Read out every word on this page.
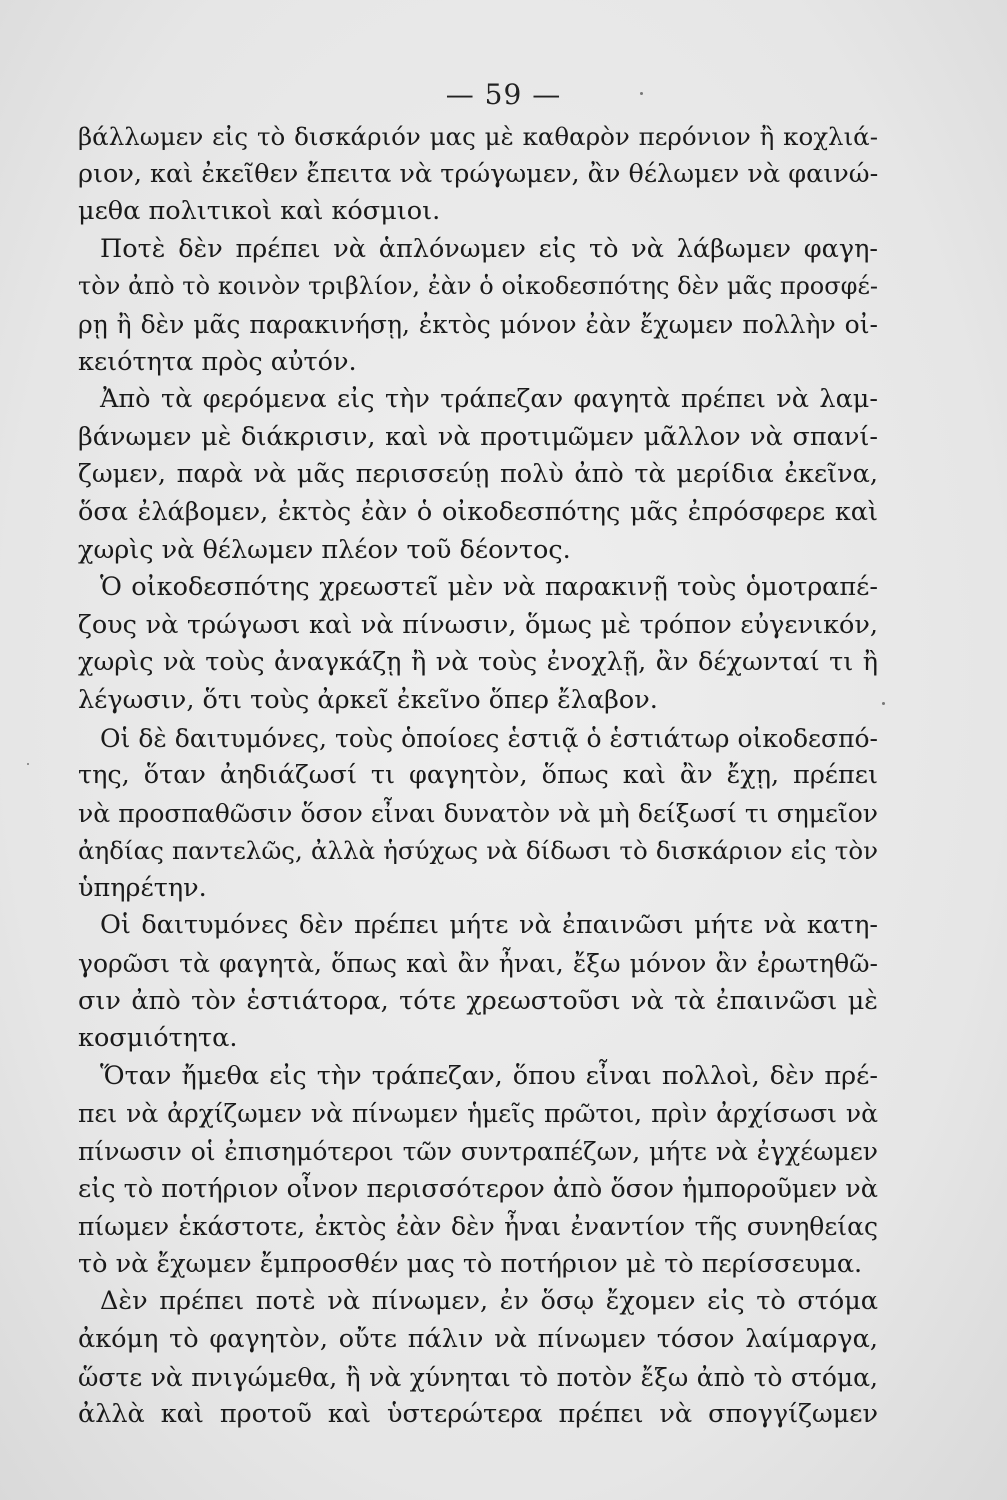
— 59 —
βάλλωμεν εἰς τὸ δισκάριόν μας μὲ καθαρὸν περόνιον ἢ κοχλιά-
ριον, καὶ ἐκεῖθεν ἔπειτα νὰ τρώγωμεν, ἂν θέλωμεν νὰ φαινώ-
μεθα πολιτικοὶ καὶ κόσμιοι.
Ποτὲ δὲν πρέπει νὰ ἁπλόνωμεν εἰς τὸ νὰ λάβωμεν φαγη-
τὸν ἀπὸ τὸ κοινὸν τριβλίον, ἐὰν ὁ οἰκοδεσπότης δὲν μᾶς προσφέ-
ρῃ ἢ δὲν μᾶς παρακινήσῃ, ἐκτὸς μόνον ἐὰν ἔχωμεν πολλὴν οἰ-
κειότητα πρὸς αὐτόν.
Ἀπὸ τὰ φερόμενα εἰς τὴν τράπεζαν φαγητὰ πρέπει νὰ λαμ-
βάνωμεν μὲ διάκρισιν, καὶ νὰ προτιμῶμεν μᾶλλον νὰ σπανί-
ζωμεν, παρὰ νὰ μᾶς περισσεύῃ πολὺ ἀπὸ τὰ μερίδια ἐκεῖνα,
ὅσα ἐλάβομεν, ἐκτὸς ἐὰν ὁ οἰκοδεσπότης μᾶς ἐπρόσφερε καὶ
χωρὶς νὰ θέλωμεν πλέον τοῦ δέοντος.
Ὁ οἰκοδεσπότης χρεωστεῖ μὲν νὰ παρακινῇ τοὺς ὁμοτραπέ-
ζους νὰ τρώγωσι καὶ νὰ πίνωσιν, ὅμως μὲ τρόπον εὐγενικόν,
χωρὶς νὰ τοὺς ἀναγκάζῃ ἢ νὰ τοὺς ἐνοχλῇ, ἂν δέχωνταί τι ἢ
λέγωσιν, ὅτι τοὺς ἀρκεῖ ἐκεῖνο ὅπερ ἔλαβον.
Οἱ δὲ δαιτυμόνες, τοὺς ὁποίοες ἑστιᾷ ὁ ἑστιάτωρ οἰκοδεσπό-
της, ὅταν ἀηδιάζωσί τι φαγητὸν, ὅπως καὶ ἂν ἔχῃ, πρέπει
νὰ προσπαθῶσιν ὅσον εἶναι δυνατὸν νὰ μὴ δείξωσί τι σημεῖον
ἀηδίας παντελῶς, ἀλλὰ ἡσύχως νὰ δίδωσι τὸ δισκάριον εἰς τὸν
ὑπηρέτην.
Οἱ δαιτυμόνες δὲν πρέπει μήτε νὰ ἐπαινῶσι μήτε νὰ κατη-
γορῶσι τὰ φαγητὰ, ὅπως καὶ ἂν ἦναι, ἔξω μόνον ἂν ἐρωτηθῶ-
σιν ἀπὸ τὸν ἑστιάτορα, τότε χρεωστοῦσι νὰ τὰ ἐπαινῶσι μὲ
κοσμιότητα.
Ὅταν ἤμεθα εἰς τὴν τράπεζαν, ὅπου εἶναι πολλοὶ, δὲν πρέ-
πει νὰ ἀρχίζωμεν νὰ πίνωμεν ἡμεῖς πρῶτοι, πρὶν ἀρχίσωσι νὰ
πίνωσιν οἱ ἐπισημότεροι τῶν συντραπέζων, μήτε νὰ ἐγχέωμεν
εἰς τὸ ποτήριον οἶνον περισσότερον ἀπὸ ὅσον ἠμποροῦμεν νὰ
πίωμεν ἑκάστοτε, ἐκτὸς ἐὰν δὲν ἦναι ἐναντίον τῆς συνηθείας
τὸ νὰ ἔχωμεν ἔμπροσθέν μας τὸ ποτήριον μὲ τὸ περίσσευμα.
Δὲν πρέπει ποτὲ νὰ πίνωμεν, ἐν ὅσῳ ἔχομεν εἰς τὸ στόμα
ἀκόμη τὸ φαγητὸν, οὔτε πάλιν νὰ πίνωμεν τόσον λαίμαργα,
ὥστε νὰ πνιγώμεθα, ἢ νὰ χύνηται τὸ ποτὸν ἔξω ἀπὸ τὸ στόμα,
ἀλλὰ καὶ προτοῦ καὶ ὑστερώτερα πρέπει νὰ σπογγίζωμεν
